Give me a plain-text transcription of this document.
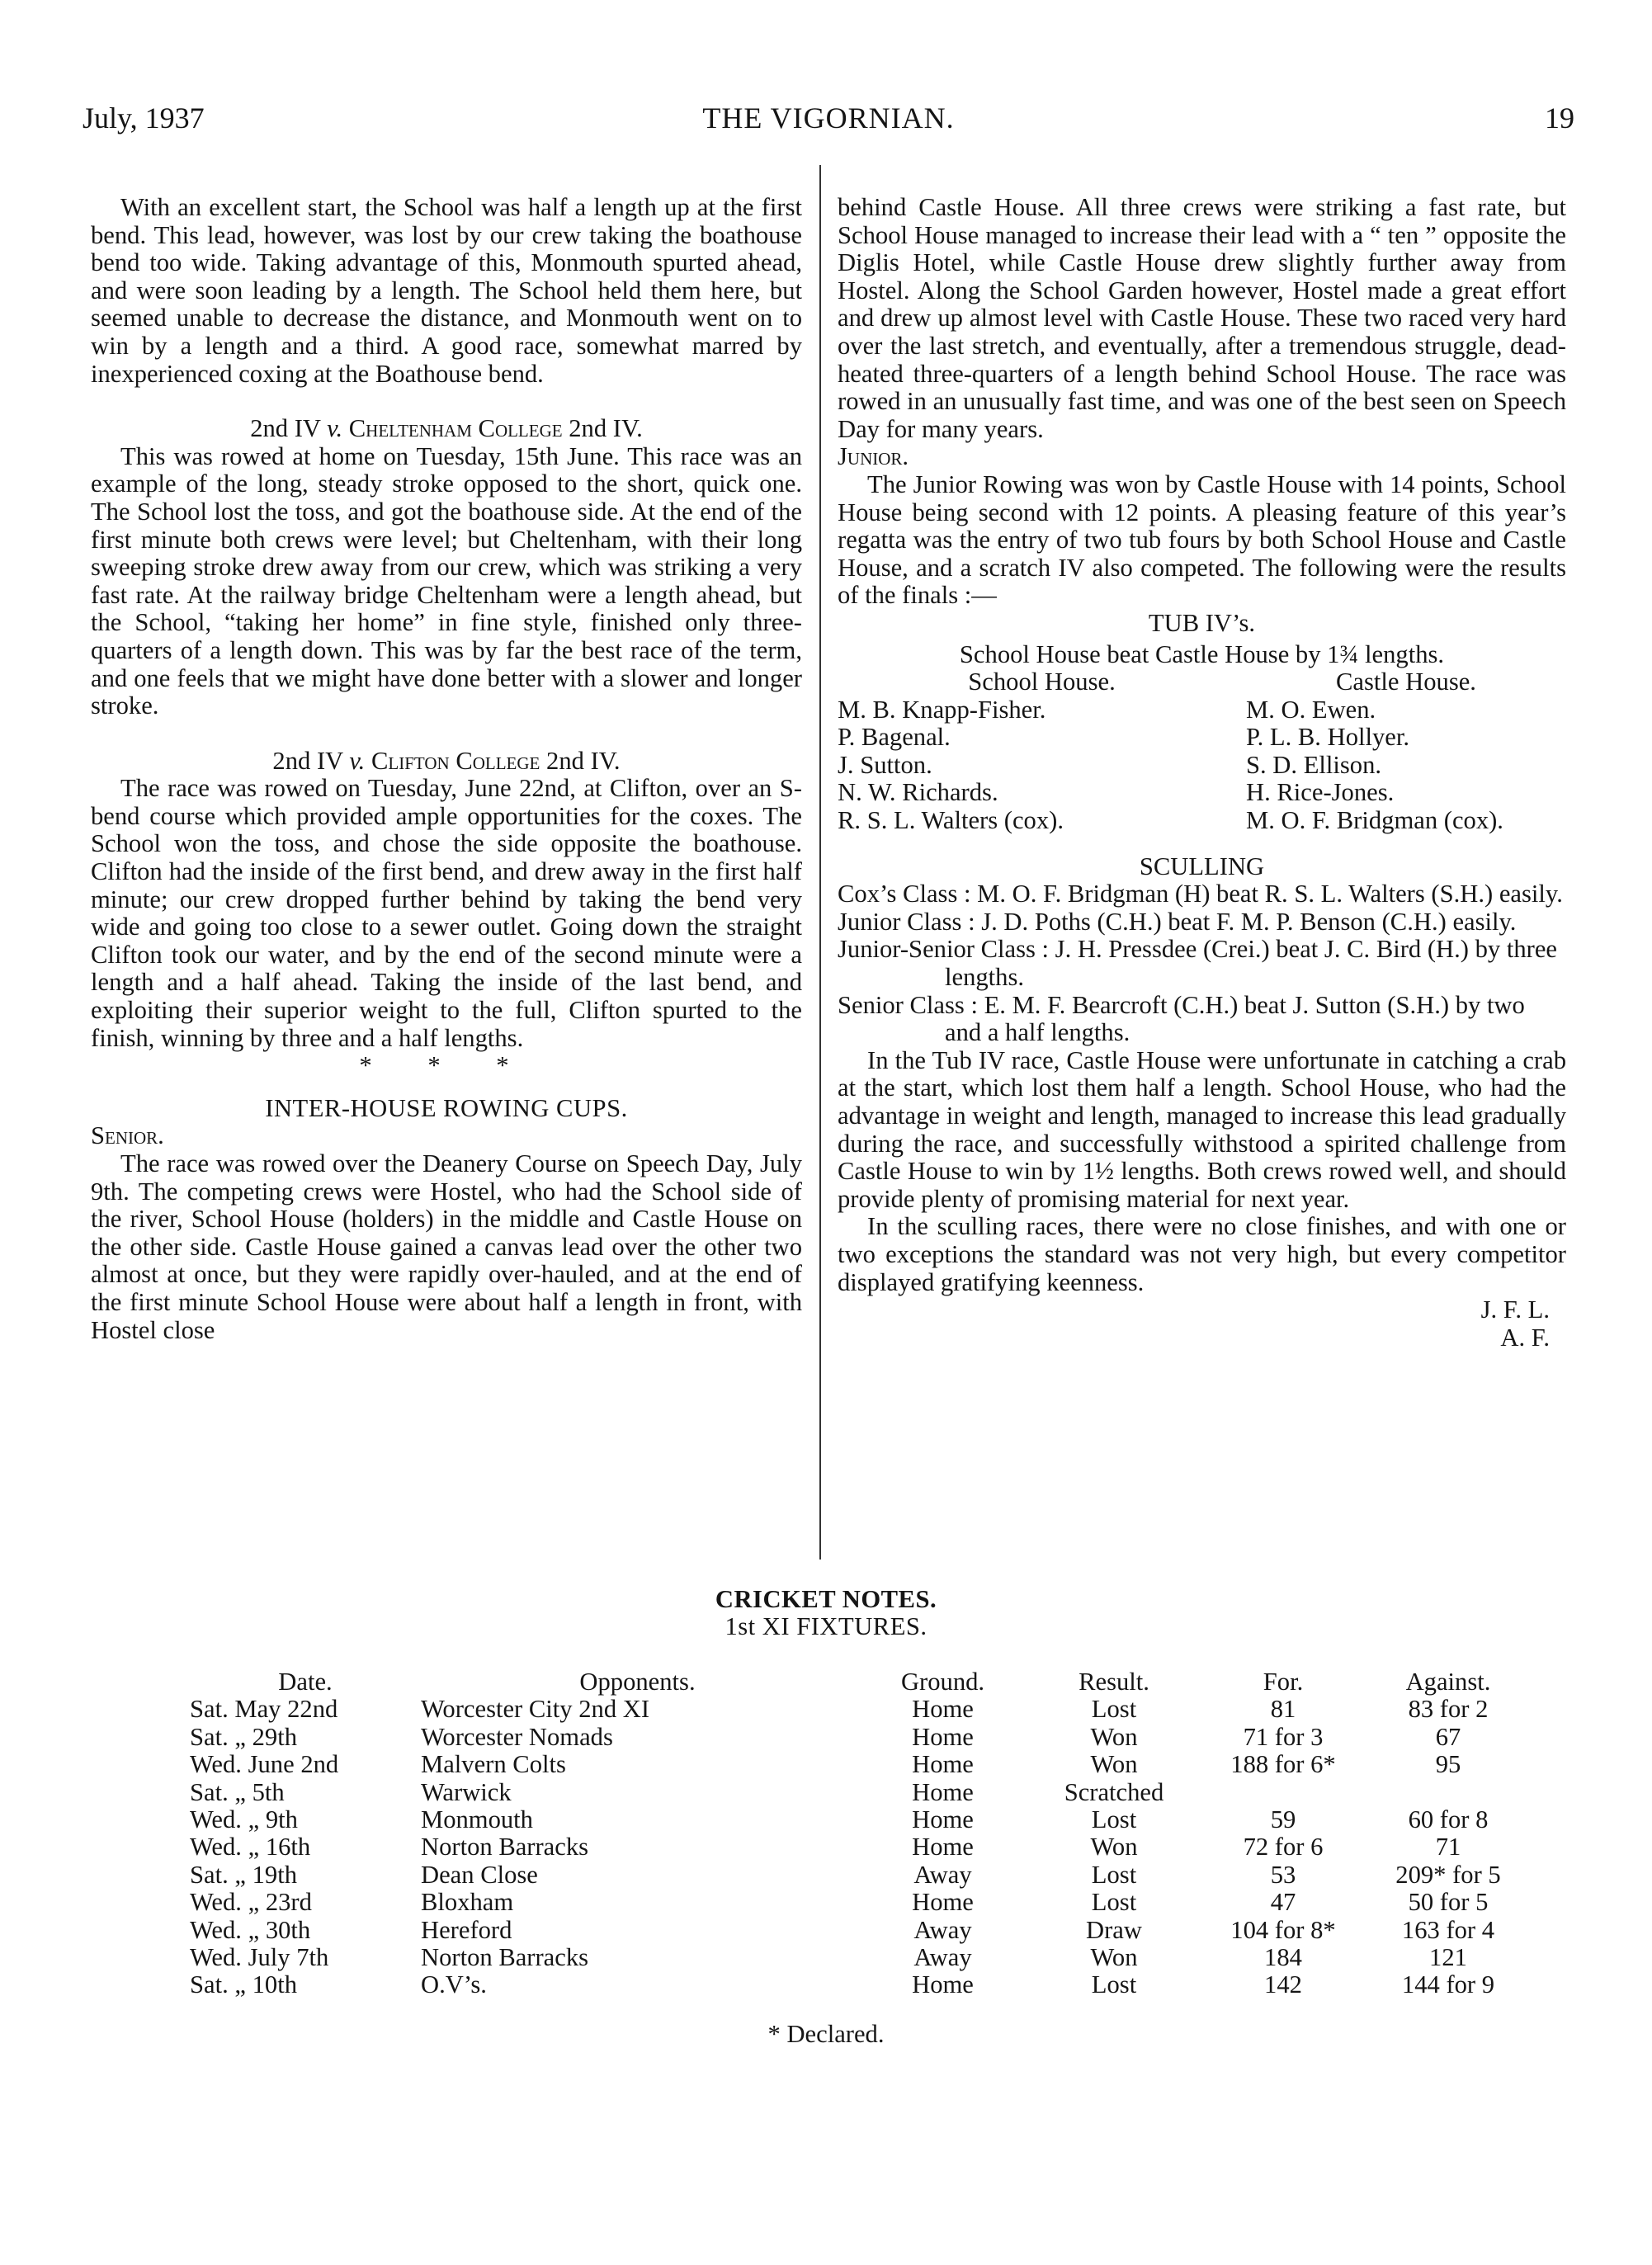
July, 1937	THE VIGORNIAN.	19

With an excellent start, the School was half a length up at the first bend. This lead, however, was lost by our crew taking the boathouse bend too wide. Taking advantage of this, Monmouth spurted ahead, and were soon leading by a length. The School held them here, but seemed unable to decrease the distance, and Monmouth went on to win by a length and a third. A good race, somewhat marred by inexperienced coxing at the Boathouse bend.

2nd IV v. Cheltenham College 2nd IV.

This was rowed at home on Tuesday, 15th June. This race was an example of the long, steady stroke opposed to the short, quick one. The School lost the toss, and got the boathouse side. At the end of the first minute both crews were level; but Cheltenham, with their long sweeping stroke drew away from our crew, which was striking a very fast rate. At the railway bridge Cheltenham were a length ahead, but the School, “taking her home” in fine style, finished only three-quarters of a length down. This was by far the best race of the term, and one feels that we might have done better with a slower and longer stroke.

2nd IV v. Clifton College 2nd IV.

The race was rowed on Tuesday, June 22nd, at Clifton, over an S-bend course which provided ample opportunities for the coxes. The School won the toss, and chose the side opposite the boathouse. Clifton had the inside of the first bend, and drew away in the first half minute; our crew dropped further behind by taking the bend very wide and going too close to a sewer outlet. Going down the straight Clifton took our water, and by the end of the second minute were a length and a half ahead. Taking the inside of the last bend, and exploiting their superior weight to the full, Clifton spurted to the finish, winning by three and a half lengths.

* * *
INTER-HOUSE ROWING CUPS.
Senior.

The race was rowed over the Deanery Course on Speech Day, July 9th. The competing crews were Hostel, who had the School side of the river, School House (holders) in the middle and Castle House on the other side. Castle House gained a canvas lead over the other two almost at once, but they were rapidly over-hauled, and at the end of the first minute School House were about half a length in front, with Hostel close

behind Castle House. All three crews were striking a fast rate, but School House managed to increase their lead with a “ ten ” opposite the Diglis Hotel, while Castle House drew slightly further away from Hostel. Along the School Garden however, Hostel made a great effort and drew up almost level with Castle House. These two raced very hard over the last stretch, and eventually, after a tremendous struggle, dead-heated three-quarters of a length behind School House. The race was rowed in an unusually fast time, and was one of the best seen on Speech Day for many years.

Junior.

The Junior Rowing was won by Castle House with 14 points, School House being second with 12 points. A pleasing feature of this year’s regatta was the entry of two tub fours by both School House and Castle House, and a scratch IV also competed. The following were the results of the finals :—

TUB IV’s.
School House beat Castle House by 1¾ lengths.
School House.	Castle House.
M. B. Knapp-Fisher.	M. O. Ewen.
P. Bagenal.	P. L. B. Hollyer.
J. Sutton.	S. D. Ellison.
N. W. Richards.	H. Rice-Jones.
R. S. L. Walters (cox).	M. O. F. Bridgman (cox).
SCULLING

Cox’s Class : M. O. F. Bridgman (H) beat R. S. L. Walters (S.H.) easily.

Junior Class : J. D. Poths (C.H.) beat F. M. P. Benson (C.H.) easily.

Junior-Senior Class : J. H. Pressdee (Crei.) beat J. C. Bird (H.) by three lengths.

Senior Class : E. M. F. Bearcroft (C.H.) beat J. Sutton (S.H.) by two and a half lengths.

In the Tub IV race, Castle House were unfortunate in catching a crab at the start, which lost them half a length. School House, who had the advantage in weight and length, managed to increase this lead gradually during the race, and successfully withstood a spirited challenge from Castle House to win by 1½ lengths. Both crews rowed well, and should provide plenty of promising material for next year.

In the sculling races, there were no close finishes, and with one or two exceptions the standard was not very high, but every competitor displayed gratifying keenness.

J. F. L.
A. F.
CRICKET NOTES.
1st XI FIXTURES.
Date.	Opponents.	Ground.	Result.	For.	Against.
Sat. May 22nd	Worcester City 2nd XI	Home	Lost	81	83 for 2
Sat. „ 29th	Worcester Nomads	Home	Won	71 for 3	67
Wed. June 2nd	Malvern Colts	Home	Won	188 for 6*	95
Sat. „ 5th	Warwick	Home	Scratched		
Wed. „ 9th	Monmouth	Home	Lost	59	60 for 8
Wed. „ 16th	Norton Barracks	Home	Won	72 for 6	71
Sat. „ 19th	Dean Close	Away	Lost	53	209* for 5
Wed. „ 23rd	Bloxham	Home	Lost	47	50 for 5
Wed. „ 30th	Hereford	Away	Draw	104 for 8*	163 for 4
Wed. July 7th	Norton Barracks	Away	Won	184	121
Sat. „ 10th	O.V’s.	Home	Lost	142	144 for 9
* Declared.
